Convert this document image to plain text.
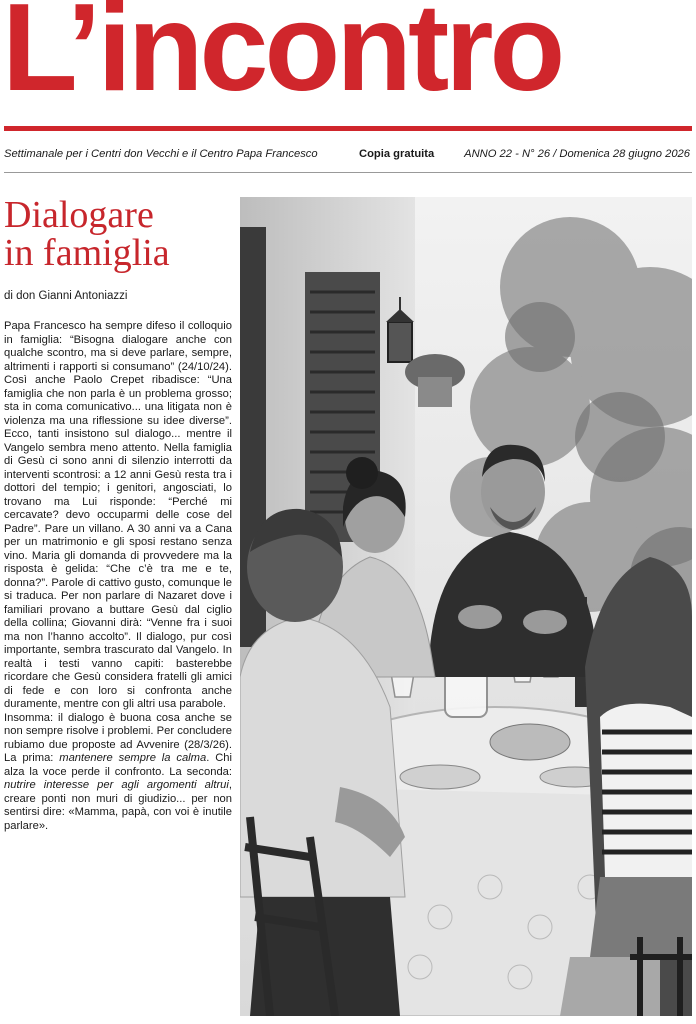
L’incontro
Settimanale per i Centri don Vecchi e il Centro Papa Francesco	Copia gratuita	ANNO 22 - N° 26 / Domenica 28 giugno 2026
Dialogare
in famiglia
di don Gianni Antoniazzi

Papa Francesco ha sempre difeso il colloquio in famiglia: “Bisogna dialogare anche con qualche scontro, ma si deve parlare, sempre, altrimenti i rapporti si consumano” (24/10/24). Così anche Paolo Crepet ribadisce: “Una famiglia che non parla è un problema grosso; sta in coma comunicativo... una litigata non è violenza ma una riflessione su idee diverse”. Ecco, tanti insistono sul dialogo... mentre il Vangelo sembra meno attento. Nella famiglia di Gesù ci sono anni di silenzio interrotti da interventi scontrosi: a 12 anni Gesù resta tra i dottori del tempio; i genitori, angosciati, lo trovano ma Lui risponde: “Perché mi cercavate? devo occuparmi delle cose del Padre”. Pare un villano. A 30 anni va a Cana per un matrimonio e gli sposi restano senza vino. Maria gli domanda di provvedere ma la risposta è gelida: “Che c’è tra me e te, donna?”. Parole di cattivo gusto, comunque le si traduca. Per non parlare di Nazaret dove i familiari provano a buttare Gesù dal ciglio della collina; Giovanni dirà: “Venne fra i suoi ma non l’hanno accolto”. Il dialogo, pur così importante, sembra trascurato dal Vangelo. In realtà i testi vanno capiti: basterebbe ricordare che Gesù considera fratelli gli amici di fede e con loro si confronta anche duramente, mentre con gli altri usa parabole.

Insomma: il dialogo è buona cosa anche se non sempre risolve i problemi. Per concludere rubiamo due proposte ad Avvenire (28/3/26). La prima: mantenere sempre la calma. Chi alza la voce perde il confronto. La seconda: nutrire interesse per agli argomenti altrui, creare ponti non muri di giudizio... per non sentirsi dire: «Mamma, papà, con voi è inutile parlare».
